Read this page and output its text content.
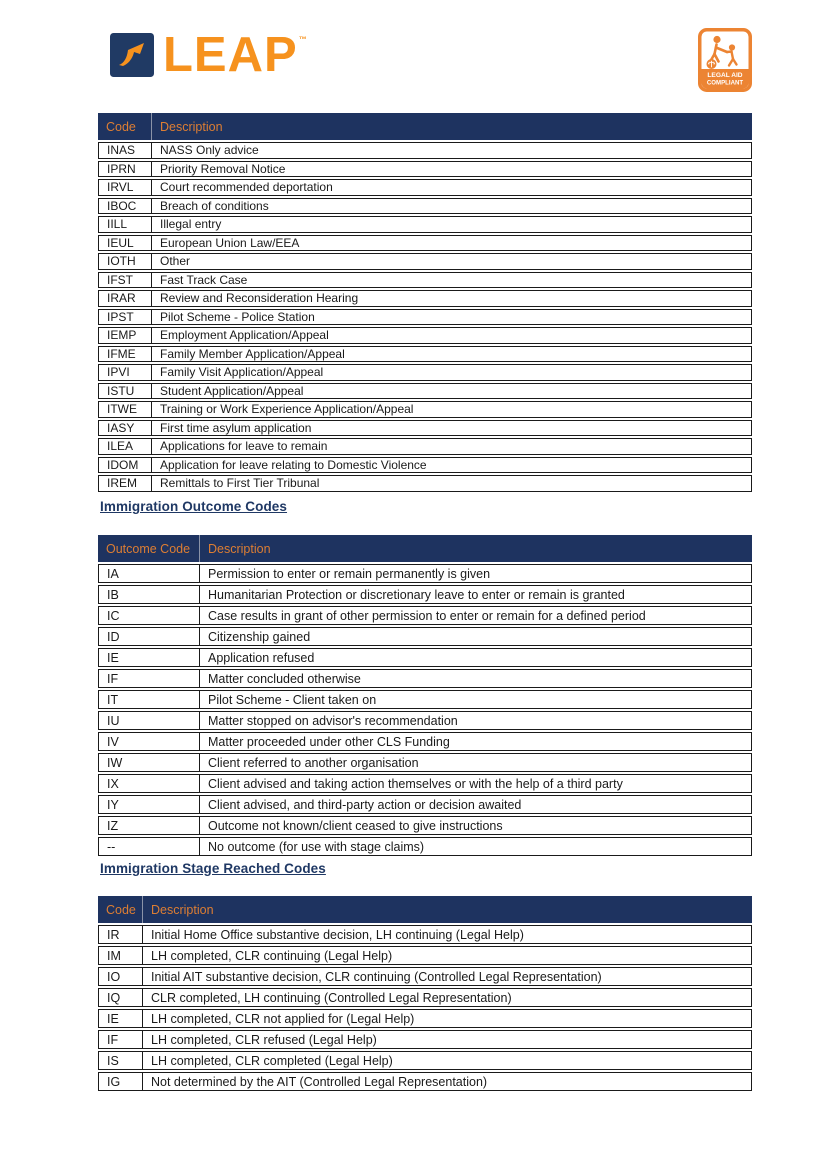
LEAP ™
LEGAL AID
COMPLIANT
Code	Description
INAS	NASS Only advice
IPRN	Priority Removal Notice
IRVL	Court recommended deportation
IBOC	Breach of conditions
IILL	Illegal entry
IEUL	European Union Law/EEA
IOTH	Other
IFST	Fast Track Case
IRAR	Review and Reconsideration Hearing
IPST	Pilot Scheme - Police Station
IEMP	Employment Application/Appeal
IFME	Family Member Application/Appeal
IPVI	Family Visit Application/Appeal
ISTU	Student Application/Appeal
ITWE	Training or Work Experience Application/Appeal
IASY	First time asylum application
ILEA	Applications for leave to remain
IDOM	Application for leave relating to Domestic Violence
IREM	Remittals to First Tier Tribunal
Immigration Outcome Codes
Outcome Code	Description
IA	Permission to enter or remain permanently is given
IB	Humanitarian Protection or discretionary leave to enter or remain is granted
IC	Case results in grant of other permission to enter or remain for a defined period
ID	Citizenship gained
IE	Application refused
IF	Matter concluded otherwise
IT	Pilot Scheme - Client taken on
IU	Matter stopped on advisor's recommendation
IV	Matter proceeded under other CLS Funding
IW	Client referred to another organisation
IX	Client advised and taking action themselves or with the help of a third party
IY	Client advised, and third-party action or decision awaited
IZ	Outcome not known/client ceased to give instructions
--	No outcome (for use with stage claims)
Immigration Stage Reached Codes
Code	Description
IR	Initial Home Office substantive decision, LH continuing (Legal Help)
IM	LH completed, CLR continuing (Legal Help)
IO	Initial AIT substantive decision, CLR continuing (Controlled Legal Representation)
IQ	CLR completed, LH continuing (Controlled Legal Representation)
IE	LH completed, CLR not applied for (Legal Help)
IF	LH completed, CLR refused (Legal Help)
IS	LH completed, CLR completed (Legal Help)
IG	Not determined by the AIT (Controlled Legal Representation)
